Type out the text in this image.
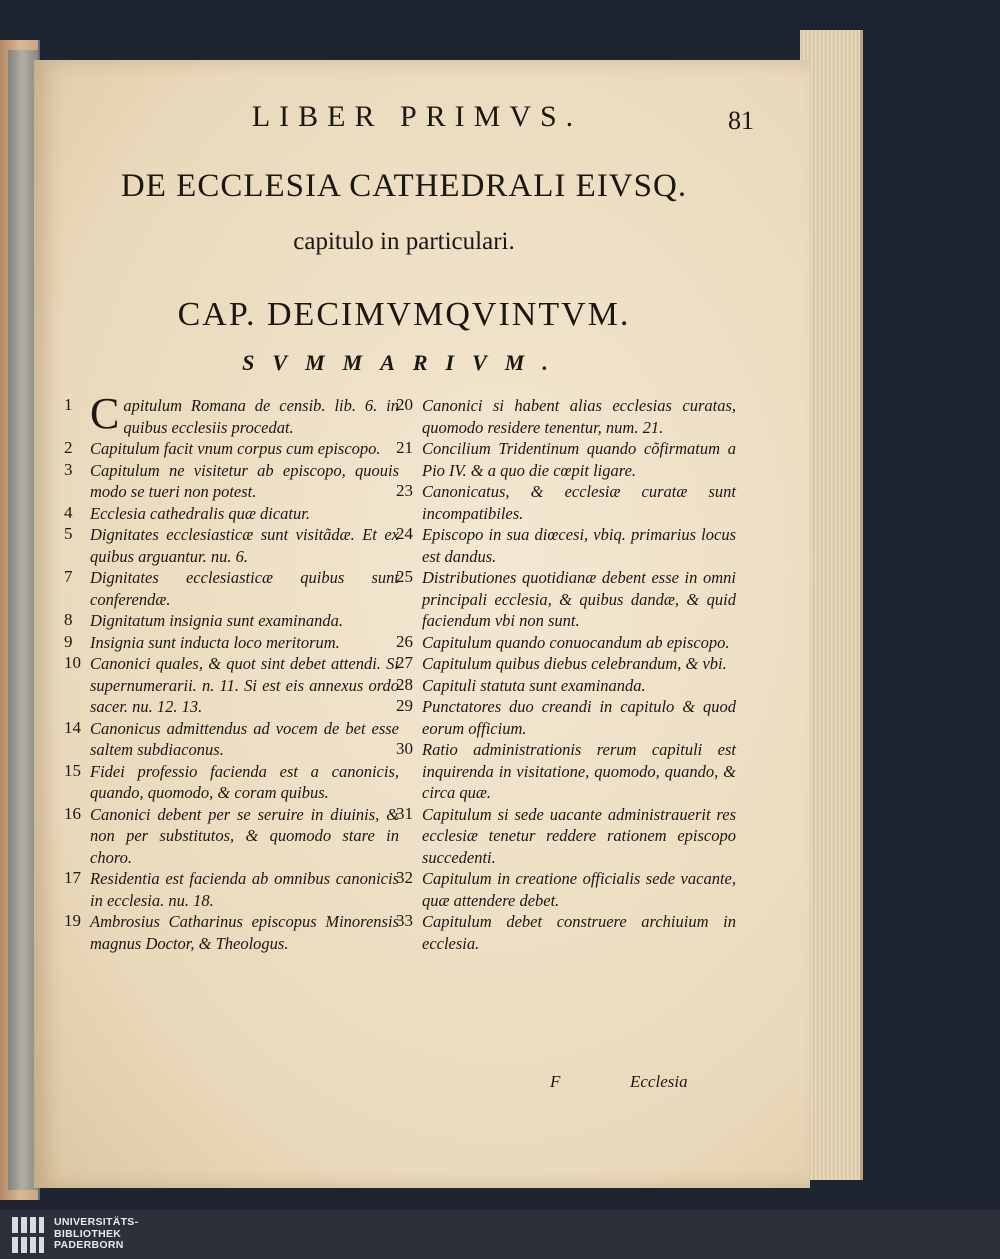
LIBER PRIMVS.	81
DE ECCLESIA CATHEDRALI EIVSQ.
capitulo in particulari.
CAP. DECIMVMQVINTVM.
SVMMARIVM.
1	Capitulum Romana de censib. lib. 6. in quibus ecclesiis procedat.
2	Capitulum facit vnum corpus cum episcopo.
3	Capitulum ne visitetur ab episcopo, quouis modo se tueri non potest.
4	Ecclesia cathedralis quæ dicatur.
5	Dignitates ecclesiasticæ sunt visitãdæ. Et ex quibus arguantur. nu. 6.
7	Dignitates ecclesiasticæ quibus sunt conferendæ.
8	Dignitatum insignia sunt examinanda.
9	Insignia sunt inducta loco meritorum.
10 Canonici quales, & quot sint debet attendi. Si supernumerarii. n. 11. Si est eis annexus ordo sacer. nu. 12. 13.
14 Canonicus admittendus ad vocem de bet esse saltem subdiaconus.
15 Fidei professio facienda est a canonicis, quando, quomodo, & coram quibus.
16 Canonici debent per se seruire in diuinis, & non per substitutos, & quomodo stare in choro.
17 Residentia est facienda ab omnibus canonicis in ecclesia. nu. 18.
19 Ambrosius Catharinus episcopus Minorensis magnus Doctor, & Theologus.
20 Canonici si habent alias ecclesias curatas, quomodo residere tenentur, num. 21.
21 Concilium Tridentinum quando cõfirmatum a Pio IV. & a quo die cœpit ligare.
23 Canonicatus, & ecclesiæ curatæ sunt incompatibiles.
24 Episcopo in sua diœcesi, vbiq. primarius locus est dandus.
25 Distributiones quotidianæ debent esse in omni principali ecclesia, & quibus dandæ, & quid faciendum vbi non sunt.
26 Capitulum quando conuocandum ab episcopo.
27 Capitulum quibus diebus celebrandum, & vbi.
28 Capituli statuta sunt examinanda.
29 Punctatores duo creandi in capitulo & quod eorum officium.
30 Ratio administrationis rerum capituli est inquirenda in visitatione, quomodo, quando, & circa quæ.
31 Capitulum si sede uacante administrauerit res ecclesiæ tenetur reddere rationem episcopo succedenti.
32 Capitulum in creatione officialis sede vacante, quæ attendere debet.
33 Capitulum debet construere archiuium in ecclesia.
F	Ecclesia
UNIVERSITÄTS-
BIBLIOTHEK
PADERBORN
